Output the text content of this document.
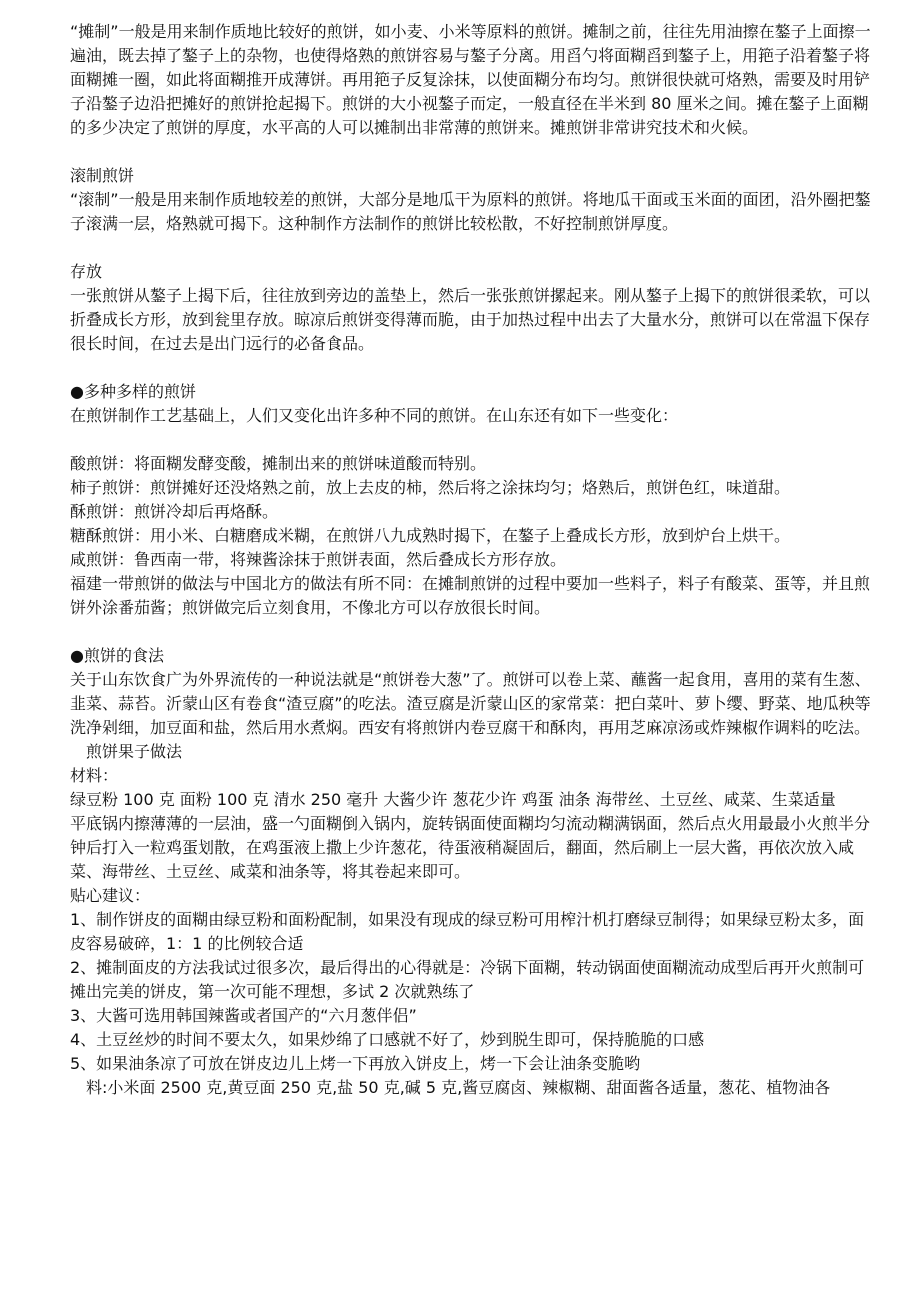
“摊制”一般是用来制作质地比较好的煎饼，如小麦、小米等原料的煎饼。摊制之前，往往先用油擦在鏊子上面擦一遍油，既去掉了鏊子上的杂物，也使得烙熟的煎饼容易与鏊子分离。用舀勺将面糊舀到鏊子上，用筢子沿着鏊子将面糊摊一圈，如此将面糊推开成薄饼。再用筢子反复涂抹，以使面糊分布均匀。煎饼很快就可烙熟，需要及时用铲子沿鏊子边沿把摊好的煎饼抢起揭下。煎饼的大小视鏊子而定，一般直径在半米到 80 厘米之间。摊在鏊子上面糊的多少决定了煎饼的厚度，水平高的人可以摊制出非常薄的煎饼来。摊煎饼非常讲究技术和火候。

滚制煎饼

“滚制”一般是用来制作质地较差的煎饼，大部分是地瓜干为原料的煎饼。将地瓜干面或玉米面的面团，沿外圈把鏊子滚满一层，烙熟就可揭下。这种制作方法制作的煎饼比较松散，不好控制煎饼厚度。

存放

一张煎饼从鏊子上揭下后，往往放到旁边的盖垫上，然后一张张煎饼摞起来。刚从鏊子上揭下的煎饼很柔软，可以折叠成长方形，放到瓮里存放。晾凉后煎饼变得薄而脆，由于加热过程中出去了大量水分，煎饼可以在常温下保存很长时间，在过去是出门远行的必备食品。

●多种多样的煎饼

在煎饼制作工艺基础上，人们又变化出许多种不同的煎饼。在山东还有如下一些变化：

酸煎饼：将面糊发酵变酸，摊制出来的煎饼味道酸而特别。

柿子煎饼：煎饼摊好还没烙熟之前，放上去皮的柿，然后将之涂抹均匀；烙熟后，煎饼色红，味道甜。

酥煎饼：煎饼冷却后再烙酥。

糖酥煎饼：用小米、白糖磨成米糊，在煎饼八九成熟时揭下，在鏊子上叠成长方形，放到炉台上烘干。

咸煎饼：鲁西南一带，将辣酱涂抹于煎饼表面，然后叠成长方形存放。

福建一带煎饼的做法与中国北方的做法有所不同：在摊制煎饼的过程中要加一些料子，料子有酸菜、蛋等，并且煎饼外涂番茄酱；煎饼做完后立刻食用，不像北方可以存放很长时间。

●煎饼的食法

关于山东饮食广为外界流传的一种说法就是“煎饼卷大葱”了。煎饼可以卷上菜、蘸酱一起食用，喜用的菜有生葱、韭菜、蒜苔。沂蒙山区有卷食“渣豆腐”的吃法。渣豆腐是沂蒙山区的家常菜：把白菜叶、萝卜缨、野菜、地瓜秧等洗净剁细，加豆面和盐，然后用水煮焖。西安有将煎饼内卷豆腐干和酥肉，再用芝麻凉汤或炸辣椒作调料的吃法。

煎饼果子做法

材料：

绿豆粉 100 克 面粉 100 克 清水 250 毫升 大酱少许 葱花少许 鸡蛋 油条 海带丝、土豆丝、咸菜、生菜适量

平底锅内擦薄薄的一层油，盛一勺面糊倒入锅内，旋转锅面使面糊均匀流动糊满锅面，然后点火用最最小火煎半分钟后打入一粒鸡蛋划散，在鸡蛋液上撒上少许葱花，待蛋液稍凝固后，翻面，然后刷上一层大酱，再依次放入咸菜、海带丝、土豆丝、咸菜和油条等，将其卷起来即可。

贴心建议：

1、制作饼皮的面糊由绿豆粉和面粉配制，如果没有现成的绿豆粉可用榨汁机打磨绿豆制得；如果绿豆粉太多，面皮容易破碎，1：1 的比例较合适

2、摊制面皮的方法我试过很多次，最后得出的心得就是：冷锅下面糊，转动锅面使面糊流动成型后再开火煎制可摊出完美的饼皮，第一次可能不理想，多试 2 次就熟练了

3、大酱可选用韩国辣酱或者国产的“六月葱伴侣”

4、土豆丝炒的时间不要太久，如果炒绵了口感就不好了，炒到脱生即可，保持脆脆的口感

5、如果油条凉了可放在饼皮边儿上烤一下再放入饼皮上，烤一下会让油条变脆哟

料:小米面 2500 克,黄豆面 250 克,盐 50 克,碱 5 克,酱豆腐卤、辣椒糊、甜面酱各适量，葱花、植物油各
